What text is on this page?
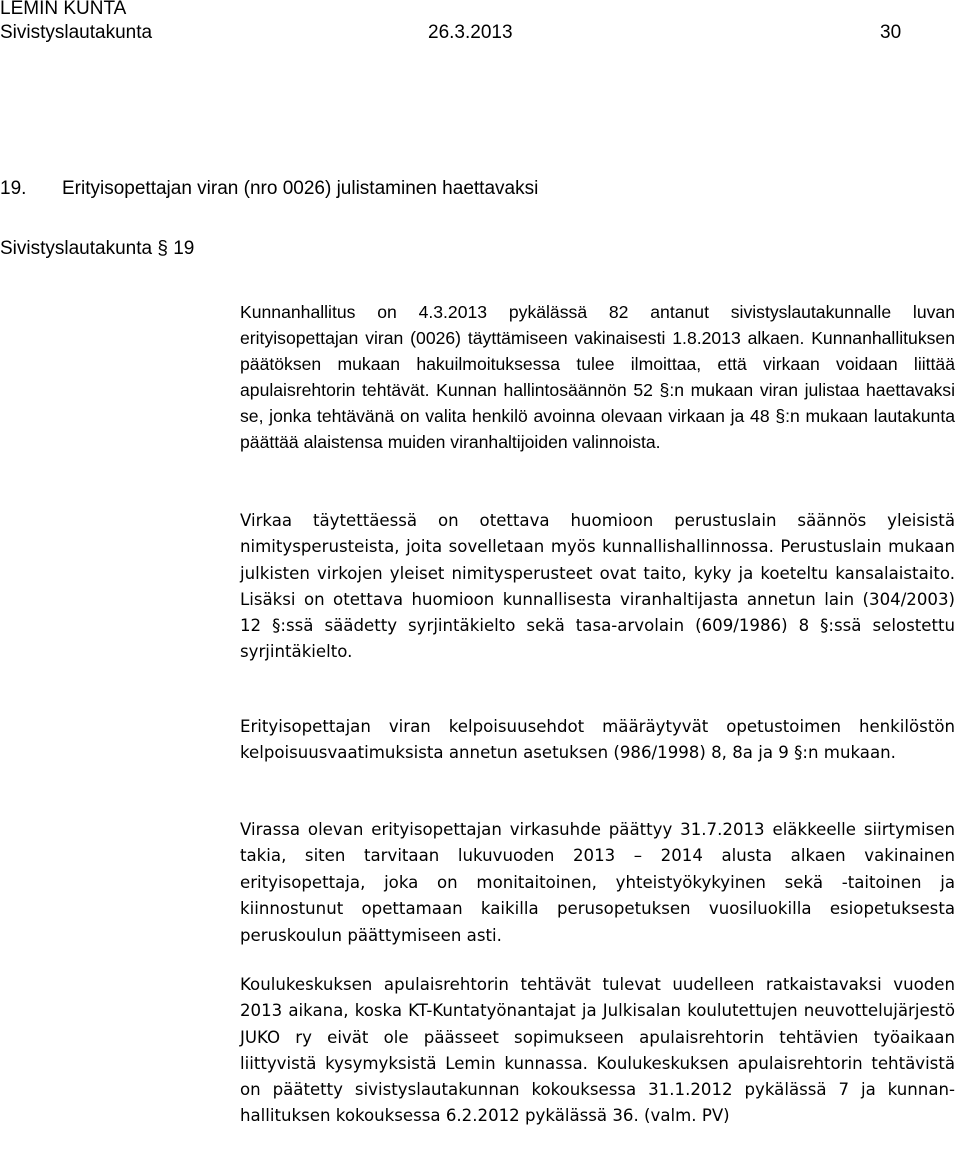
LEMIN KUNTA
Sivistyslautakunta	26.3.2013	30
19. Erityisopettajan viran (nro 0026) julistaminen haettavaksi
Sivistyslautakunta § 19

Kunnanhallitus on 4.3.2013 pykälässä 82 antanut sivistyslautakunnalle luvan erityisopettajan viran (0026) täyttämiseen vakinaisesti 1.8.2013 alkaen. Kunnanhallituksen päätöksen mukaan hakuilmoituksessa tulee ilmoittaa, että virkaan voidaan liittää apulaisrehtorin tehtävät. Kunnan hallintosäännön 52 §:n mukaan viran julistaa haettavaksi se, jonka tehtävänä on valita henkilö avoinna olevaan virkaan ja 48 §:n mukaan lautakunta päättää alaistensa muiden viranhaltijoiden valinnoista.

Virkaa täytettäessä on otettava huomioon perustuslain säännös yleisistä nimitysperusteista, joita sovelletaan myös kunnallishallinnossa. Perustuslain mukaan julkisten virkojen yleiset nimitysperusteet ovat taito, kyky ja koeteltu kansalaistaito. Lisäksi on otettava huomioon kunnallisesta viranhaltijasta annetun lain (304/2003) 12 §:ssä säädetty syrjintäkielto sekä tasa-arvolain (609/1986) 8 §:ssä selostettu syrjintäkielto.

Erityisopettajan viran kelpoisuusehdot määräytyvät opetustoimen henkilöstön kelpoisuusvaatimuksista annetun asetuksen (986/1998) 8, 8a ja 9 §:n mukaan.

Virassa olevan erityisopettajan virkasuhde päättyy 31.7.2013 eläkkeelle siirtymisen takia, siten tarvitaan lukuvuoden 2013 – 2014 alusta alkaen vakinainen erityisopettaja, joka on monitaitoinen, yhteistyökykyinen sekä -taitoinen ja kiinnostunut opettamaan kaikilla perusopetuksen vuosiluokilla esiopetuksesta peruskoulun päättymiseen asti.

Koulukeskuksen apulaisrehtorin tehtävät tulevat uudelleen ratkaistavaksi vuoden 2013 aikana, koska KT-Kuntatyönantajat ja Julkisalan koulutettujen neuvottelujärjestö JUKO ry eivät ole päässeet sopimukseen apulaisrehtorin tehtävien työaikaan liittyvistä kysymyksistä Lemin kunnassa. Koulukeskuksen apulaisrehtorin tehtävistä on päätetty sivistyslautakunnan kokouksessa 31.1.2012 pykälässä 7 ja kunnanhallituksen kokouksessa 6.2.2012 pykälässä 36. (valm. PV)
